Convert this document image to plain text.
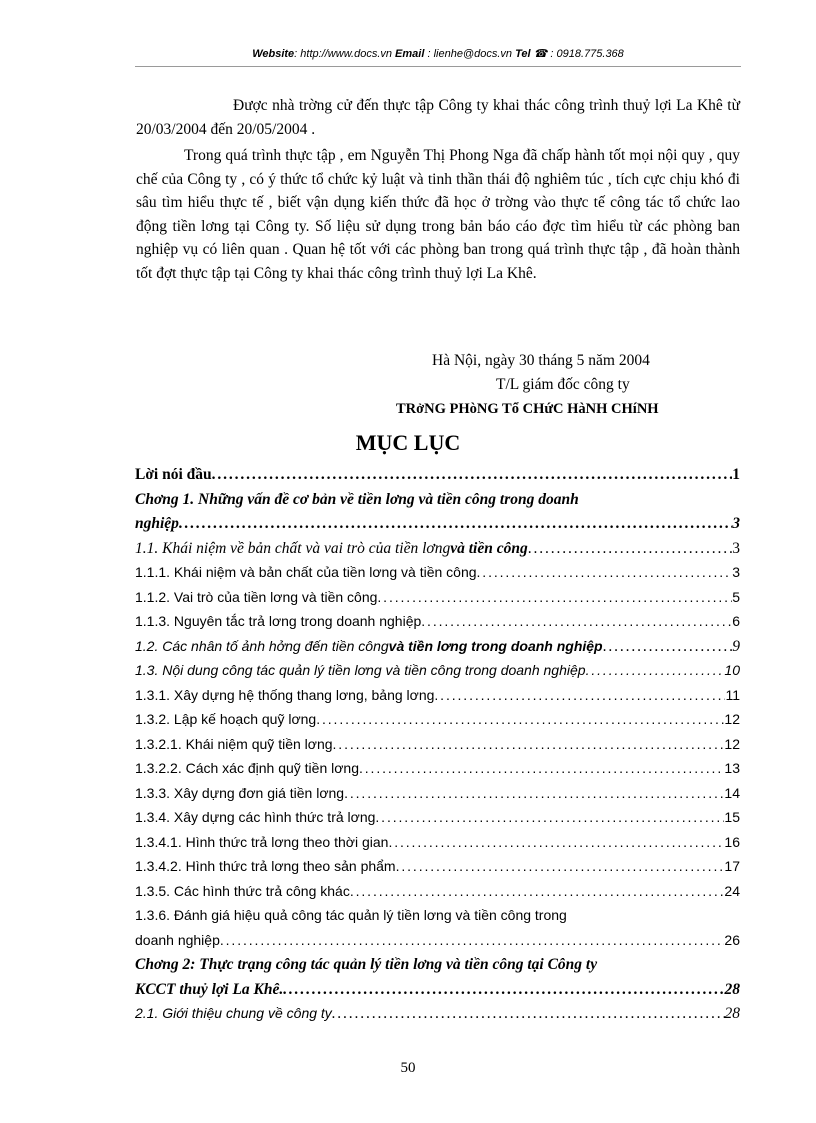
Website: http://www.docs.vn Email : lienhe@docs.vn Tel ☎ : 0918.775.368

Được nhà trờng cử đến thực tập Công ty khai thác công trình thuỷ lợi La Khê từ 20/03/2004 đến 20/05/2004 .

Trong quá trình thực tập , em Nguyễn Thị Phong Nga đã chấp hành tốt mọi nội quy , quy chế của Công ty , có ý thức tổ chức kỷ luật và tinh thần thái độ nghiêm túc , tích cực chịu khó đi sâu tìm hiểu thực tế , biết vận dụng kiến thức đã học ở trờng vào thực tế công tác tổ chức lao động tiền lơng tại Công ty. Số liệu sử dụng trong bản báo cáo đợc tìm hiểu từ các phòng ban nghiệp vụ có liên quan . Quan hệ tốt với các phòng ban trong quá trình thực tập , đã hoàn thành tốt đợt thực tập tại Công ty khai thác công trình thuỷ lợi La Khê.

Hà Nội, ngày 30 tháng 5 năm 2004
T/L giám đốc công ty
TRởNG PHòNG Tổ CHứC HàNH CHíNH
MỤC LỤC
Lời nói đầu . . .	1
Chơng 1. Những vấn đề cơ bản về tiền lơng và tiền công trong doanh
nghiệp . . .	3
1.1. Khái niệm về bản chất và vai trò của tiền lơng và tiền công . . .	3
1.1.1. Khái niệm và bản chất của tiền lơng và tiền công . . .	3
1.1.2. Vai trò của tiền lơng và tiền công . . .	5
1.1.3. Nguyên tắc trả lơng trong doanh nghiệp . . .	6
1.2. Các nhân tố ảnh hởng đến tiền công và tiền lơng trong doanh nghiệp . . .	9
1.3. Nội dung công tác quản lý tiền lơng và tiền công trong doanh nghiệp . . .	10
1.3.1. Xây dựng hệ thống thang lơng, bảng lơng . . .	11
1.3.2. Lập kế hoạch quỹ lơng . . .	12
1.3.2.1. Khái niệm quỹ tiền lơng . . .	12
1.3.2.2. Cách xác định quỹ tiền lơng . . .	13
1.3.3. Xây dựng đơn giá tiền lơng . . .	14
1.3.4. Xây dựng các hình thức trả lơng . . .	15
1.3.4.1. Hình thức trả lơng theo thời gian . . .	16
1.3.4.2. Hình thức trả lơng theo sản phẩm . . .	17
1.3.5. Các hình thức trả công khác . . .	24
1.3.6. Đánh giá hiệu quả công tác quản lý tiền lơng và tiền công trong
doanh nghiệp . . .	26
Chơng 2: Thực trạng công tác quản lý tiền lơng và tiền công tại Công ty
KCCT thuỷ lợi La Khê. . . .	28
2.1. Giới thiệu chung về công ty . . .	28
50
